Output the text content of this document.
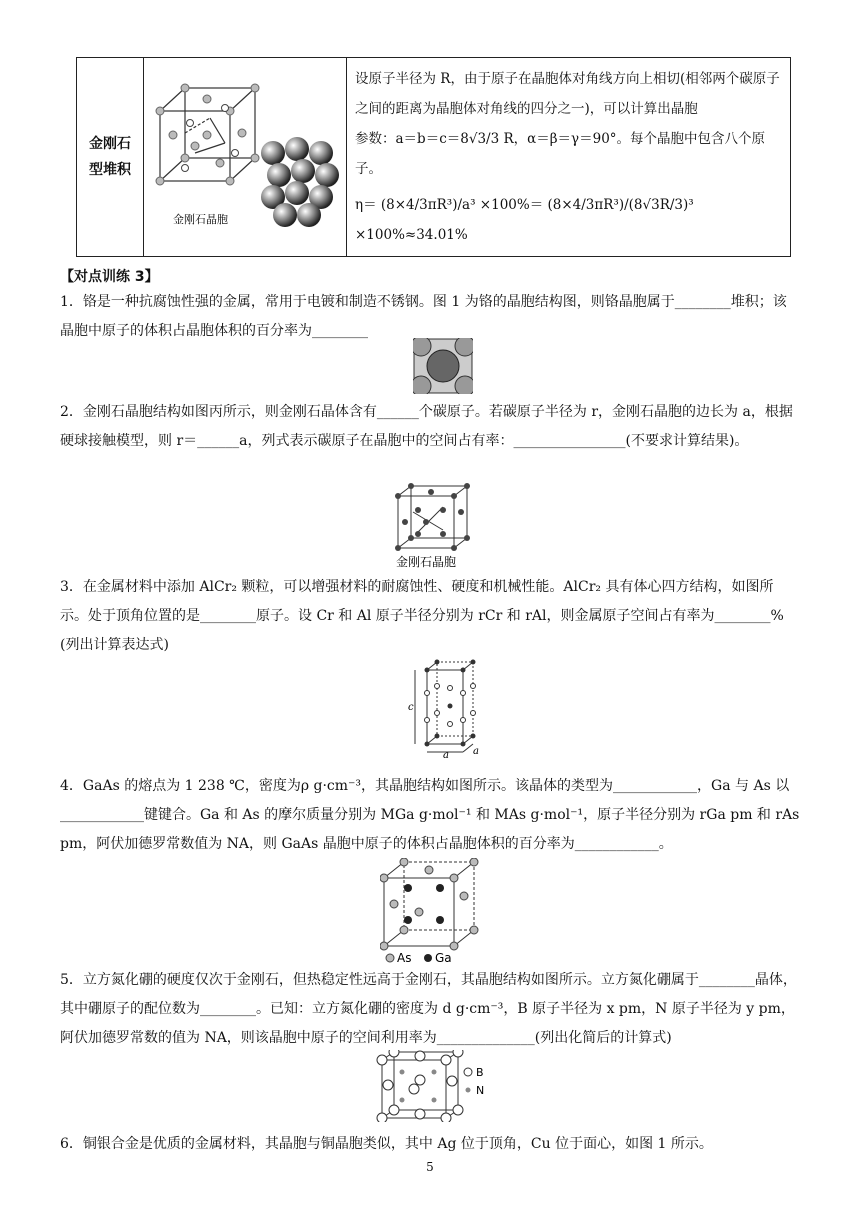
金刚石
型堆积	
金刚石晶胞

设原子半径为 R，由于原子在晶胞体对角线方向上相切(相邻两个碳原子之间的距离为晶胞体对角线的四分之一)，可以计算出晶胞
参数：a＝b＝c＝8√3/3 R，α＝β＝γ＝90°。每个晶胞中包含八个原子。
η＝ (8×4/3πR³)/a³ ×100%＝ (8×4/3πR³)/(8√3R/3)³ ×100%≈34.01%
【对点训练 3】
1．铬是一种抗腐蚀性强的金属，常用于电镀和制造不锈钢。图 1 为铬的晶胞结构图，则铬晶胞属于________堆积；该晶胞中原子的体积占晶胞体积的百分率为________
2．金刚石晶胞结构如图丙所示，则金刚石晶体含有______个碳原子。若碳原子半径为 r，金刚石晶胞的边长为 a，根据硬球接触模型，则 r＝______a，列式表示碳原子在晶胞中的空间占有率：________________(不要求计算结果)。
金刚石晶胞
3．在金属材料中添加 AlCr₂ 颗粒，可以增强材料的耐腐蚀性、硬度和机械性能。AlCr₂ 具有体心四方结构，如图所示。处于顶角位置的是________原子。设 Cr 和 Al 原子半径分别为 rCr 和 rAl，则金属原子空间占有率为________%(列出计算表达式)
c
a a
4．GaAs 的熔点为 1 238 ℃，密度为ρ g·cm⁻³，其晶胞结构如图所示。该晶体的类型为____________，Ga 与 As 以____________键键合。Ga 和 As 的摩尔质量分别为 MGa g·mol⁻¹ 和 MAs g·mol⁻¹，原子半径分别为 rGa pm 和 rAs pm，阿伏加德罗常数值为 NA，则 GaAs 晶胞中原子的体积占晶胞体积的百分率为____________。
As Ga
5．立方氮化硼的硬度仅次于金刚石，但热稳定性远高于金刚石，其晶胞结构如图所示。立方氮化硼属于________晶体，其中硼原子的配位数为________。已知：立方氮化硼的密度为 d g·cm⁻³，B 原子半径为 x pm，N 原子半径为 y pm，阿伏加德罗常数的值为 NA，则该晶胞中原子的空间利用率为______________(列出化简后的计算式)
B
N
6．铜银合金是优质的金属材料，其晶胞与铜晶胞类似，其中 Ag 位于顶角，Cu 位于面心，如图 1 所示。
5
